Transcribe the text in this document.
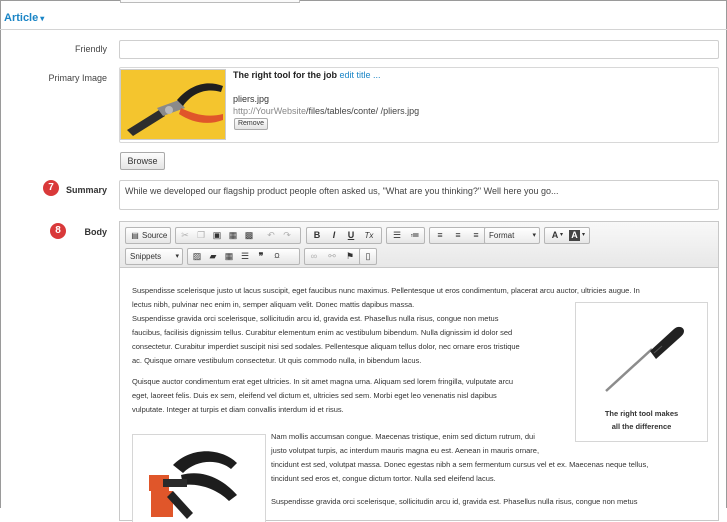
Article ▾
Friendly
Primary Image	The right tool for the job edit title ...
pliers.jpg
http://YourWebsite/files/tables/conte/ /pliers.jpg
Remove
Browse
7	Summary While we developed our flagship product people often asked us, "What are you thinking?" Well here you go...
8	Body	▤ Source	✂ ❐ ▣ ▦ ▩	↶ ↷	B	I	U	Tx	☰	≔	≡	≡	≡	Format	▾	A ▾ A ▾
Snippets ▾	▨ ▰ ▦ ☰	❞	Ω	∞	⚯	⚑	▯
Suspendisse scelerisque justo ut lacus suscipit, eget faucibus nunc maximus. Pellentesque ut eros condimentum, placerat arcu auctor, ultricies augue. In
lectus nibh, pulvinar nec enim in, semper aliquam velit. Donec mattis dapibus massa.
Suspendisse gravida orci scelerisque, sollicitudin arcu id, gravida est. Phasellus nulla risus, congue non metus
faucibus, facilisis dignissim tellus. Curabitur elementum enim ac vestibulum bibendum. Nulla dignissim id dolor sed
consectetur. Curabitur imperdiet suscipit nisi sed sodales. Pellentesque aliquam tellus dolor, nec ornare eros tristique
ac. Quisque ornare vestibulum consectetur. Ut quis commodo nulla, in bibendum lacus.
Quisque auctor condimentum erat eget ultricies. In sit amet magna urna. Aliquam sed lorem fringilla, vulputate arcu
eget, laoreet felis. Duis ex sem, eleifend vel dictum et, ultricies sed sem. Morbi eget leo venenatis nisl dapibus
vulputate. Integer at turpis et diam convallis interdum id et risus.	The right tool makes
all the difference
Nam mollis accumsan congue. Maecenas tristique, enim sed dictum rutrum, dui
justo volutpat turpis, ac interdum mauris magna eu est. Aenean in mauris ornare,
tincidunt est sed, volutpat massa. Donec egestas nibh a sem fermentum cursus vel et ex. Maecenas neque tellus,
tincidunt sed eros et, congue dictum tortor. Nulla sed eleifend lacus.
Suspendisse gravida orci scelerisque, sollicitudin arcu id, gravida est. Phasellus nulla risus, congue non metus
